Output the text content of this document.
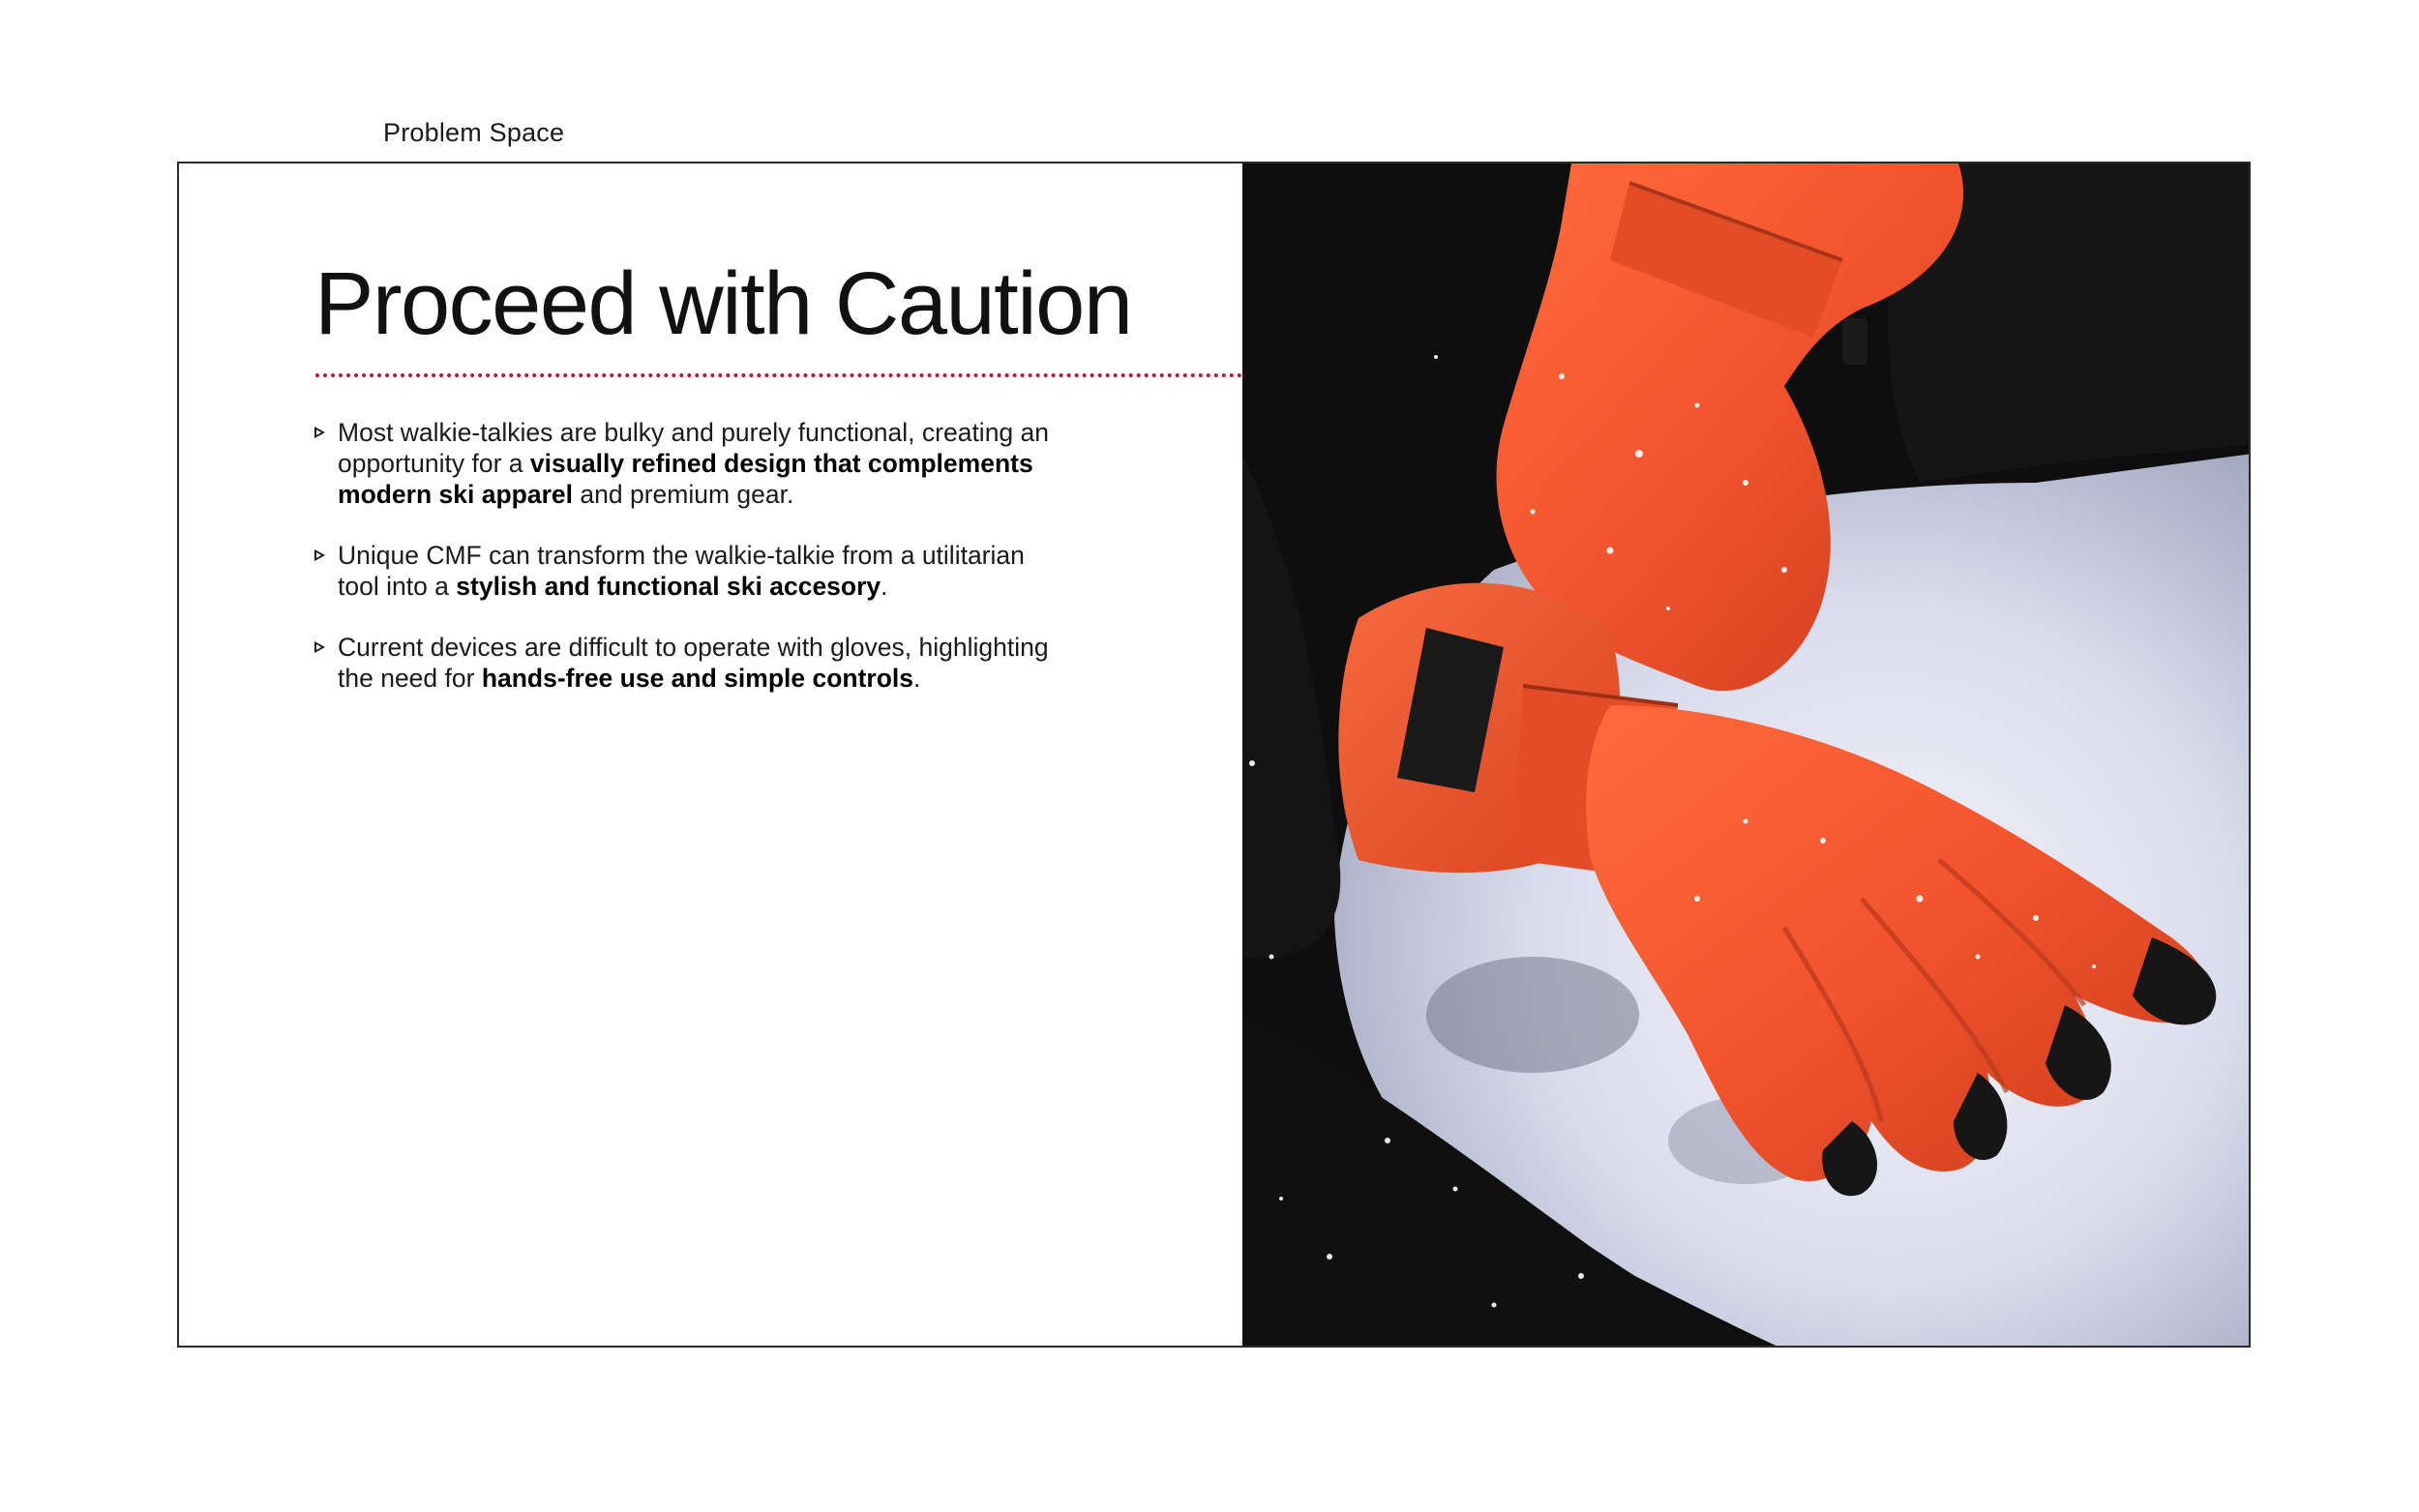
Problem Space
Proceed with Caution
Most walkie-talkies are bulky and purely functional, creating an opportunity for a visually refined design that complements modern ski apparel and premium gear.
Unique CMF can transform the walkie-talkie from a utilitarian tool into a stylish and functional ski accesory.
Current devices are difficult to operate with gloves, highlighting the need for hands-free use and simple controls.
